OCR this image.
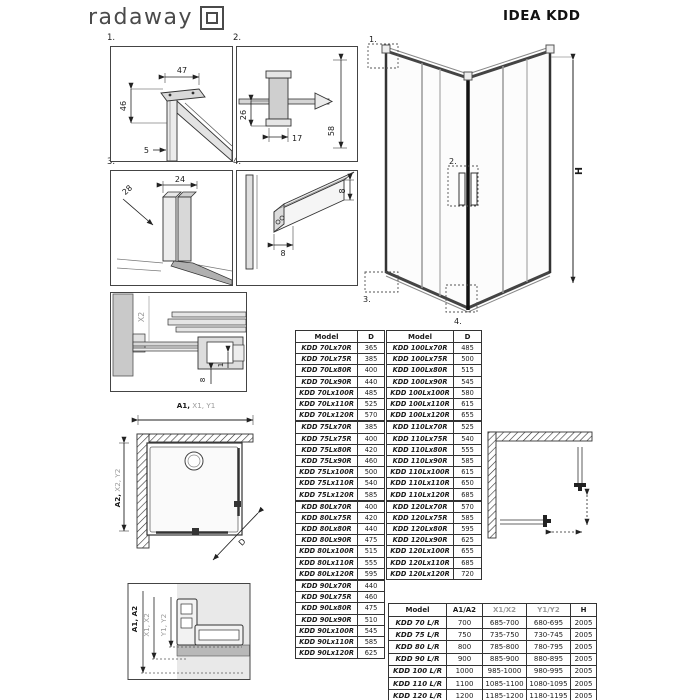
radaway	IDEA KDD
1.	2.
3.	4.
47
46
5
26
17
58
24
28	8
8
H
1.
2.
3.
4.
X2
8
1
A1, X1, Y1
A2, X2, Y2
D
A1, A2 X1, X2 Y1, Y2
Model	D
KDD 70Lx70R	365
KDD 70Lx75R	385
KDD 70Lx80R	400
KDD 70Lx90R	440
KDD 70Lx100R	485
KDD 70Lx110R	525
KDD 70Lx120R	570
KDD 75Lx70R	385
KDD 75Lx75R	400
KDD 75Lx80R	420
KDD 75Lx90R	460
KDD 75Lx100R	500
KDD 75Lx110R	540
KDD 75Lx120R	585
KDD 80Lx70R	400
KDD 80Lx75R	420
KDD 80Lx80R	440
KDD 80Lx90R	475
KDD 80Lx100R	515
KDD 80Lx110R	555
KDD 80Lx120R	595
KDD 90Lx70R	440
KDD 90Lx75R	460
KDD 90Lx80R	475
KDD 90Lx90R	510
KDD 90Lx100R	545
KDD 90Lx110R	585
KDD 90Lx120R	625
Model	D
KDD 100Lx70R	485
KDD 100Lx75R	500
KDD 100Lx80R	515
KDD 100Lx90R	545
KDD 100Lx100R	580
KDD 100Lx110R	615
KDD 100Lx120R	655
KDD 110Lx70R	525
KDD 110Lx75R	540
KDD 110Lx80R	555
KDD 110Lx90R	585
KDD 110Lx100R	615
KDD 110Lx110R	650
KDD 110Lx120R	685
KDD 120Lx70R	570
KDD 120Lx75R	585
KDD 120Lx80R	595
KDD 120Lx90R	625
KDD 120Lx100R	655
KDD 120Lx110R	685
KDD 120Lx120R	720
Model	A1/A2	X1/X2	Y1/Y2	H
KDD 70 L/R	700	685-700	680-695	2005
KDD 75 L/R	750	735-750	730-745	2005
KDD 80 L/R	800	785-800	780-795	2005
KDD 90 L/R	900	885-900	880-895	2005
KDD 100 L/R	1000	985-1000	980-995	2005
KDD 110 L/R	1100	1085-1100	1080-1095	2005
KDD 120 L/R	1200	1185-1200	1180-1195	2005
